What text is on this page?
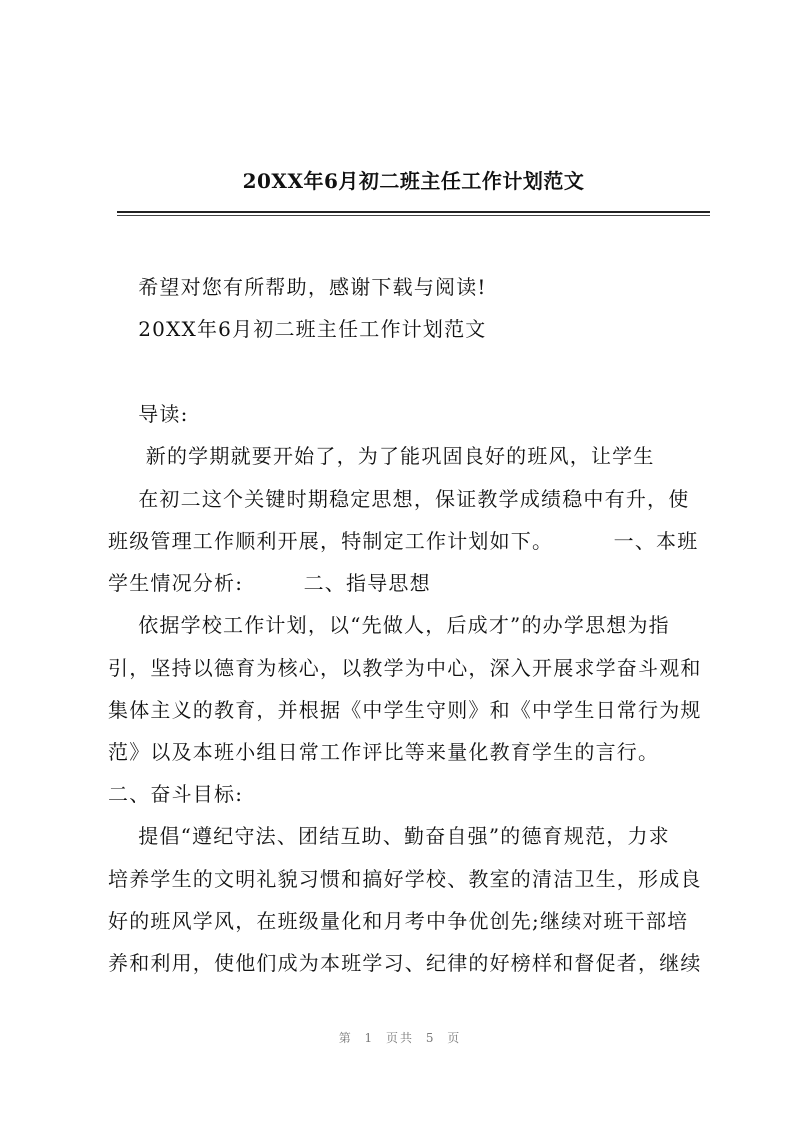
20XX年6月初二班主任工作计划范文
希望对您有所帮助，感谢下载与阅读!
20XX年6月初二班主任工作计划范文
导读:
新的学期就要开始了，为了能巩固良好的班风，让学生
在初二这个关键时期稳定思想，保证教学成绩稳中有升，使
班级管理工作顺利开展，特制定工作计划如下。        一、本班
学生情况分析:        二、指导思想
依据学校工作计划，以“先做人，后成才”的办学思想为指
引，坚持以德育为核心，以教学为中心，深入开展求学奋斗观和
集体主义的教育，并根据《中学生守则》和《中学生日常行为规
范》以及本班小组日常工作评比等来量化教育学生的言行。
二、奋斗目标:
提倡“遵纪守法、团结互助、勤奋自强”的德育规范，力求
培养学生的文明礼貌习惯和搞好学校、教室的清洁卫生，形成良
好的班风学风，在班级量化和月考中争优创先;继续对班干部培
养和利用，使他们成为本班学习、纪律的好榜样和督促者，继续
第 1 页共 5 页
